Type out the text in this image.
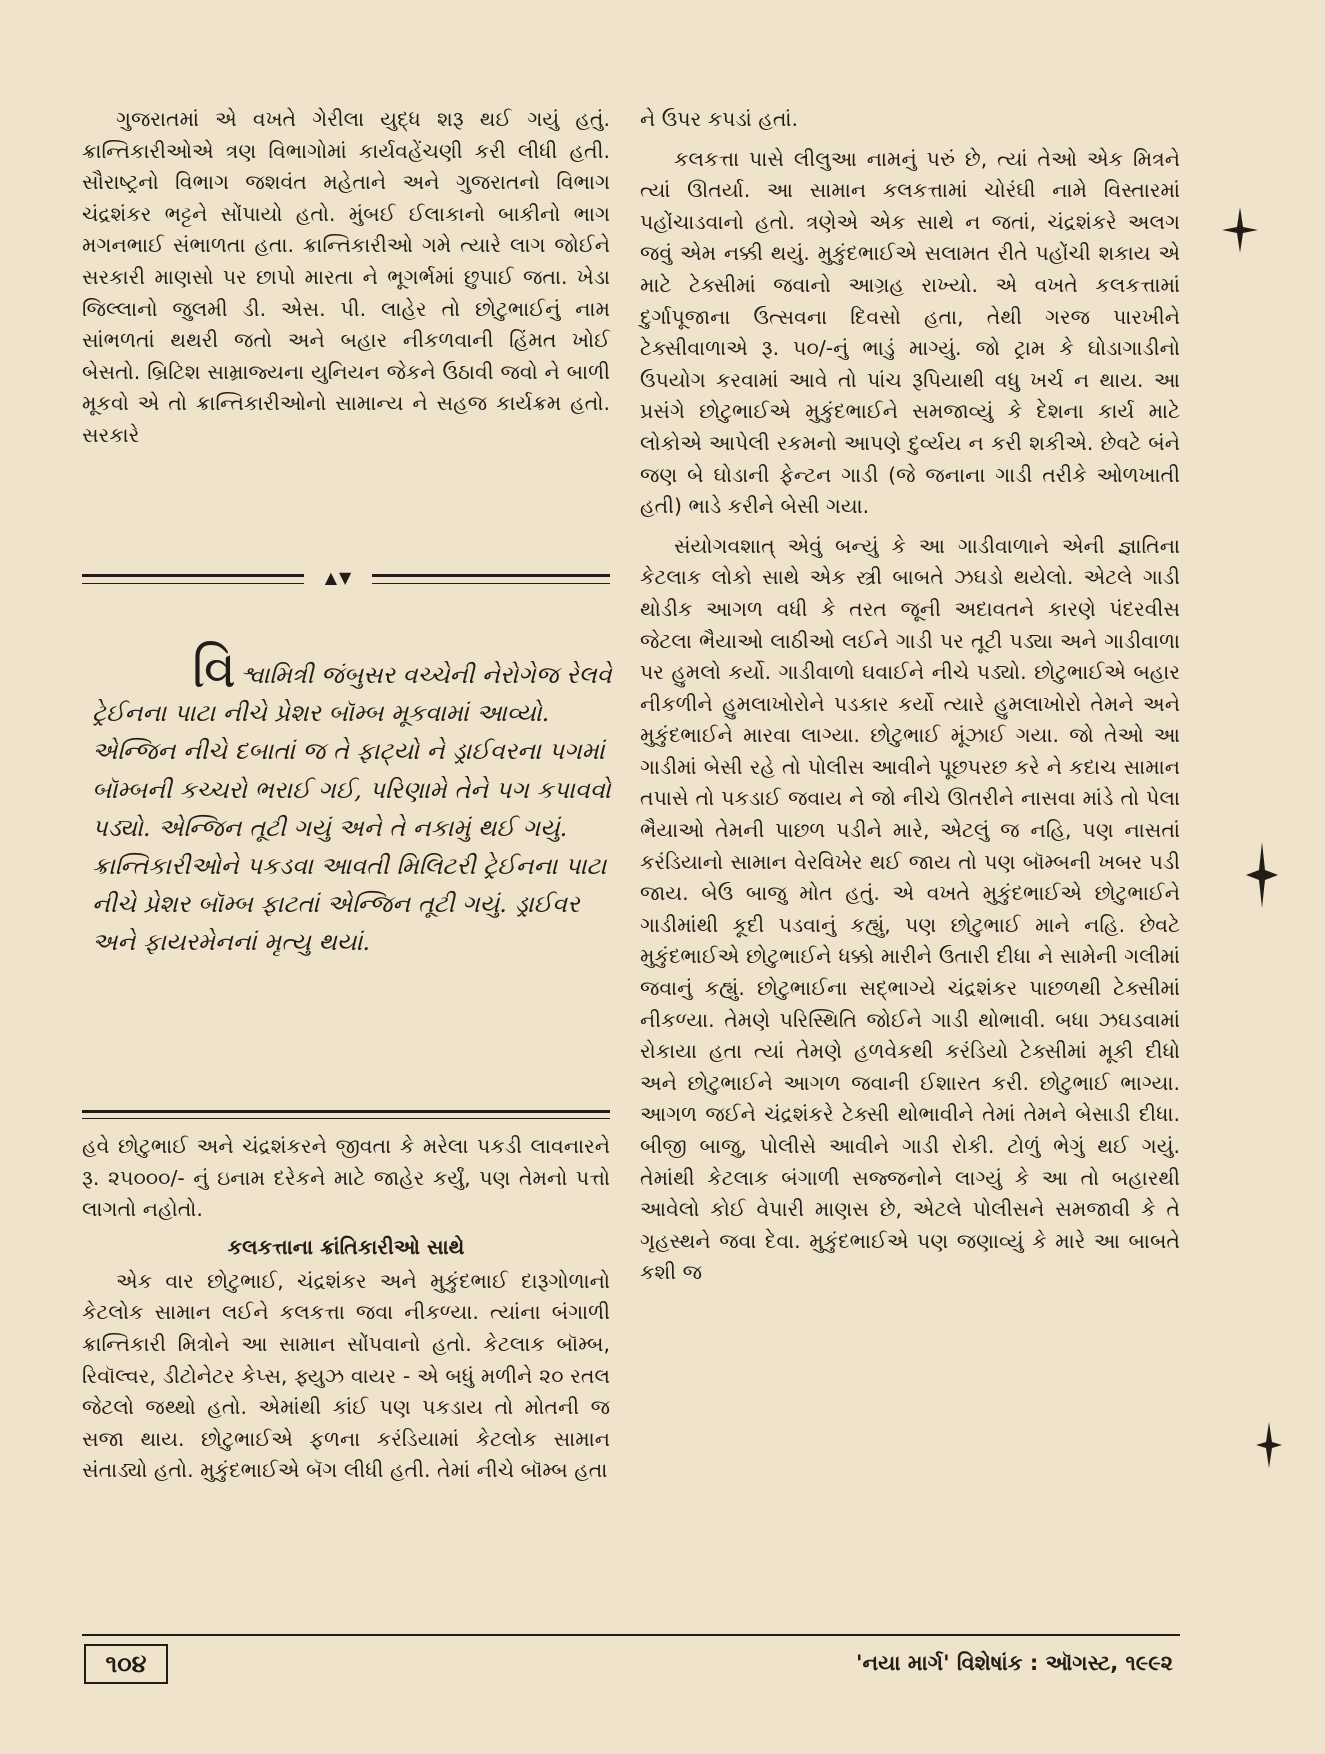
ગુજરાતમાં એ વખતે ગેરીલા યુદ્ધ શરૂ થઈ ગયું હતું. ક્રાન્તિકારીઓએ ત્રણ વિભાગોમાં કાર્યવહેંચણી કરી લીધી હતી. સૌરાષ્ટ્રનો વિભાગ જશવંત મહેતાને અને ગુજરાતનો વિભાગ ચંદ્રશંકર ભટ્ટને સોંપાયો હતો. મુંબઈ ઈલાકાનો બાકીનો ભાગ મગનભાઈ સંભાળતા હતા. ક્રાન્તિકારીઓ ગમે ત્યારે લાગ જોઈને સરકારી માણસો પર છાપો મારતા ને ભૂગર્ભમાં છુપાઈ જતા. ખેડા જિલ્લાનો જુલમી ડી. એસ. પી. લાહેર તો છોટુભાઈનું નામ સાંભળતાં થથરી જતો અને બહાર નીકળવાની હિંમત ખોઈ બેસતો. બ્રિટિશ સામ્રાજ્યના યુનિયન જેકને ઉઠાવી જવો ને બાળી મૂકવો એ તો ક્રાન્તિકારીઓનો સામાન્ય ને સહજ કાર્યક્રમ હતો. સરકારે

▲▼
વિશ્વામિત્રી જંબુસર વચ્ચેની નેરોગેજ રેલવે ટ્રેઈનના પાટા નીચે પ્રેશર બૉમ્બ મૂકવામાં આવ્યો. એન્જિન નીચે દબાતાં જ તે ફાટ્યો ને ડ્રાઈવરના પગમાં બૉમ્બની કચ્ચરો ભરાઈ ગઈ, પરિણામે તેને પગ કપાવવો પડ્યો. એન્જિન તૂટી ગયું અને તે નકામું થઈ ગયું. ક્રાન્તિકારીઓને પકડવા આવતી મિલિટરી ટ્રેઈનના પાટા નીચે પ્રેશર બૉમ્બ ફાટતાં એન્જિન તૂટી ગયું. ડ્રાઈવર અને ફાયરમેનનાં મૃત્યુ થયાં.

હવે છોટુભાઈ અને ચંદ્રશંકરને જીવતા કે મરેલા પકડી લાવનારને રૂ. ૨૫૦૦૦/- નું ઇનામ દરેકને માટે જાહેર કર્યું, પણ તેમનો પત્તો લાગતો નહોતો.

કલકત્તાના ક્રાંતિકારીઓ સાથે

એક વાર છોટુભાઈ, ચંદ્રશંકર અને મુકુંદભાઈ દારૂગોળાનો કેટલોક સામાન લઈને કલકત્તા જવા નીકળ્યા. ત્યાંના બંગાળી ક્રાન્તિકારી મિત્રોને આ સામાન સોંપવાનો હતો. કેટલાક બૉમ્બ, રિવૉલ્વર, ડીટોનેટર કેપ્સ, ફ્યુઝ વાયર - એ બધું મળીને ૨૦ રતલ જેટલો જથ્થો હતો. એમાંથી કાંઈ પણ પકડાય તો મોતની જ સજા થાય. છોટુભાઈએ ફળના કરંડિયામાં કેટલોક સામાન સંતાડ્યો હતો. મુકુંદભાઈએ બૅગ લીધી હતી. તેમાં નીચે બૉમ્બ હતા

ને ઉપર કપડાં હતાં.

કલકત્તા પાસે લીલુઆ નામનું પરું છે, ત્યાં તેઓ એક મિત્રને ત્યાં ઊતર્યા. આ સામાન કલકત્તામાં ચોરંઘી નામે વિસ્તારમાં પહોંચાડવાનો હતો. ત્રણેએ એક સાથે ન જતાં, ચંદ્રશંકરે અલગ જવું એમ નક્કી થયું. મુકુંદભાઈએ સલામત રીતે પહોંચી શકાય એ માટે ટેક્સીમાં જવાનો આગ્રહ રાખ્યો. એ વખતે કલકત્તામાં દુર્ગાપૂજાના ઉત્સવના દિવસો હતા, તેથી ગરજ પારખીને ટેક્સીવાળાએ રૂ. ૫૦/-નું ભાડું માગ્યું. જો ટ્રામ કે ઘોડાગાડીનો ઉપયોગ કરવામાં આવે તો પાંચ રૂપિયાથી વધુ ખર્ચ ન થાય. આ પ્રસંગે છોટુભાઈએ મુકુંદભાઈને સમજાવ્યું કે દેશના કાર્ય માટે લોકોએ આપેલી રકમનો આપણે દુર્વ્યય ન કરી શકીએ. છેવટે બંને જણ બે ઘોડાની ફેન્ટન ગાડી (જે જનાના ગાડી તરીકે ઓળખાતી હતી) ભાડે કરીને બેસી ગયા.

સંયોગવશાત્ એવું બન્યું કે આ ગાડીવાળાને એની જ્ઞાતિના કેટલાક લોકો સાથે એક સ્ત્રી બાબતે ઝઘડો થયેલો. એટલે ગાડી થોડીક આગળ વધી કે તરત જૂની અદાવતને કારણે પંદરવીસ જેટલા ભૈયાઓ લાઠીઓ લઈને ગાડી પર તૂટી પડ્યા અને ગાડીવાળા પર હુમલો કર્યો. ગાડીવાળો ઘવાઈને નીચે પડ્યો. છોટુભાઈએ બહાર નીકળીને હુમલાખોરોને પડકાર કર્યો ત્યારે હુમલાખોરો તેમને અને મુકુંદભાઈને મારવા લાગ્યા. છોટુભાઈ મૂંઝાઈ ગયા. જો તેઓ આ ગાડીમાં બેસી રહે તો પોલીસ આવીને પૂછપરછ કરે ને કદાચ સામાન તપાસે તો પકડાઈ જવાય ને જો નીચે ઊતરીને નાસવા માંડે તો પેલા ભૈયાઓ તેમની પાછળ પડીને મારે, એટલું જ નહિ, પણ નાસતાં કરંડિયાનો સામાન વેરવિખેર થઈ જાય તો પણ બૉમ્બની ખબર પડી જાય. બેઉ બાજુ મોત હતું. એ વખતે મુકુંદભાઈએ છોટુભાઈને ગાડીમાંથી કૂદી પડવાનું કહ્યું, પણ છોટુભાઈ માને નહિ. છેવટે મુકુંદભાઈએ છોટુભાઈને ધક્કો મારીને ઉતારી દીધા ને સામેની ગલીમાં જવાનું કહ્યું. છોટુભાઈના સદ્ભાગ્યે ચંદ્રશંકર પાછળથી ટેક્સીમાં નીકળ્યા. તેમણે પરિસ્થિતિ જોઈને ગાડી થોભાવી. બધા ઝઘડવામાં રોકાયા હતા ત્યાં તેમણે હળવેકથી કરંડિયો ટેક્સીમાં મૂકી દીધો અને છોટુભાઈને આગળ જવાની ઈશારત કરી. છોટુભાઈ ભાગ્યા. આગળ જઈને ચંદ્રશંકરે ટેક્સી થોભાવીને તેમાં તેમને બેસાડી દીધા. બીજી બાજુ, પોલીસે આવીને ગાડી રોકી. ટોળું ભેગું થઈ ગયું. તેમાંથી કેટલાક બંગાળી સજ્જનોને લાગ્યું કે આ તો બહારથી આવેલો કોઈ વેપારી માણસ છે, એટલે પોલીસને સમજાવી કે તે ગૃહસ્થને જવા દેવા. મુકુંદભાઈએ પણ જણાવ્યું કે મારે આ બાબતે કશી જ

૧૦૪	'નયા માર્ગ' વિશેષાંક : ઑગસ્ટ, ૧૯૯૨
